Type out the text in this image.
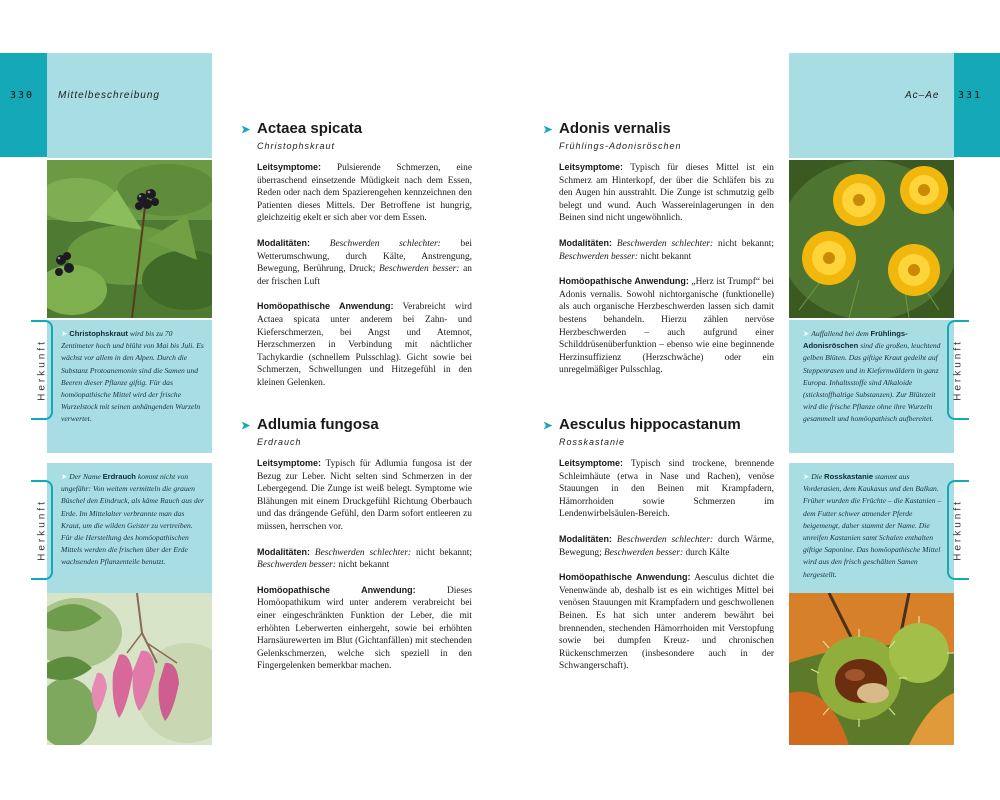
➤ Christophskraut wird bis zu 70 Zentimeter hoch und blüht von Mai bis Juli. Es wächst vor allem in den Alpen. Durch die Substanz Protoanemonin sind die Samen und Beeren dieser Pflanze giftig. Für das homöopathische Mittel wird der frische Wurzelstock mit seinen anhängenden Wurzeln verwertet.
➤ Der Name Erdrauch kommt nicht von ungefähr: Von weitem vermitteln die grauen Büschel den Eindruck, als käme Rauch aus der Erde. Im Mittelalter verbrannte man das Kraut, um die wilden Geister zu vertreiben. Für die Herstellung des homöopathischen Mittels werden die frischen über der Erde wachsenden Pflanzenteile benutzt.
Herkunft
Herkunft
➤ Auffallend bei dem Frühlings-Adonisröschen sind die großen, leuchtend gelben Blüten. Das giftige Kraut gedeiht auf Steppenrasen und in Kiefernwäldern in ganz Europa. Inhaltsstoffe sind Alkaloide (stickstoffhaltige Substanzen). Zur Blütezeit wird die frische Pflanze ohne ihre Wurzeln gesammelt und homöopathisch aufbereitet.
➤ Die Rosskastanie stammt aus Vorderasien, dem Kaukasus und den Balkan. Früher wurden die Früchte – die Kastanien – dem Futter schwer atmender Pferde beigemengt, daher stammt der Name. Die unreifen Kastanien samt Schalen enthalten giftige Saponine. Das homöopathische Mittel wird aus den frisch geschälten Samen hergestellt.
Herkunft
Herkunft
330 Mittelbeschreibung	Ac–Ae 331
➤ Actaea spicata
Christophskraut

Leitsymptome: Pulsierende Schmerzen, eine überraschend einsetzende Müdigkeit nach dem Essen, Reden oder nach dem Spazierengehen kennzeichnen den Patienten dieses Mittels. Der Betroffene ist hungrig, gleichzeitig ekelt er sich aber vor dem Essen.

Modalitäten: Beschwerden schlechter: bei Wetterumschwung, durch Kälte, Anstrengung, Bewegung, Berührung, Druck; Beschwerden besser: an der frischen Luft

Homöopathische Anwendung: Verabreicht wird Actaea spicata unter anderem bei Zahn- und Kieferschmerzen, bei Angst und Atemnot, Herzschmerzen in Verbindung mit nächtlicher Tachykardie (schnellem Pulsschlag). Gicht sowie bei Schmerzen, Schwellungen und Hitzegefühl in den kleinen Gelenken.

➤ Adonis vernalis
Frühlings-Adonisröschen

Leitsymptome: Typisch für dieses Mittel ist ein Schmerz am Hinterkopf, der über die Schläfen bis zu den Augen hin ausstrahlt. Die Zunge ist schmutzig gelb belegt und wund. Auch Wassereinlagerungen in den Beinen sind nicht ungewöhnlich.

Modalitäten: Beschwerden schlechter: nicht bekannt; Beschwerden besser: nicht bekannt

Homöopathische Anwendung: „Herz ist Trumpf“ bei Adonis vernalis. Sowohl nichtorganische (funktionelle) als auch organische Herzbeschwerden lassen sich damit bestens behandeln. Hierzu zählen nervöse Herzbeschwerden – auch aufgrund einer Schilddrüsenüberfunktion – ebenso wie eine beginnende Herzinsuffizienz (Herzschwäche) oder ein unregelmäßiger Pulsschlag.

➤ Adlumia fungosa
Erdrauch

Leitsymptome: Typisch für Adlumia fungosa ist der Bezug zur Leber. Nicht selten sind Schmerzen in der Lebergegend. Die Zunge ist weiß belegt. Symptome wie Blähungen mit einem Druckgefühl Richtung Oberbauch und das drängende Gefühl, den Darm sofort entleeren zu müssen, herrschen vor.

Modalitäten: Beschwerden schlechter: nicht bekannt; Beschwerden besser: nicht bekannt

Homöopathische Anwendung:	Dieses Homöopathikum wird unter anderem verabreicht bei einer eingeschränkten Funktion der Leber, die mit erhöhten Leberwerten einhergeht, sowie bei erhöhten Harnsäurewerten im Blut (Gichtanfällen) mit stechenden Gelenkschmerzen, welche sich speziell in den Fingergelenken bemerkbar machen.

➤ Aesculus hippocastanum
Rosskastanie

Leitsymptome: Typisch sind trockene, brennende Schleimhäute (etwa in Nase und Rachen), venöse Stauungen in den Beinen mit Krampfadern, Hämorrhoiden sowie Schmerzen im Lendenwirbelsäulen-Bereich.

Modalitäten: Beschwerden schlechter: durch Wärme, Bewegung; Beschwerden besser: durch Kälte

Homöopathische Anwendung: Aesculus dichtet die Venenwände ab, deshalb ist es ein wichtiges Mittel bei venösen Stauungen mit Krampfadern und geschwollenen Beinen. Es hat sich unter anderem bewährt bei brennenden, stechenden Hämorrhoiden mit Verstopfung sowie bei dumpfen Kreuz- und chronischen Rückenschmerzen (insbesondere auch in der Schwangerschaft).
